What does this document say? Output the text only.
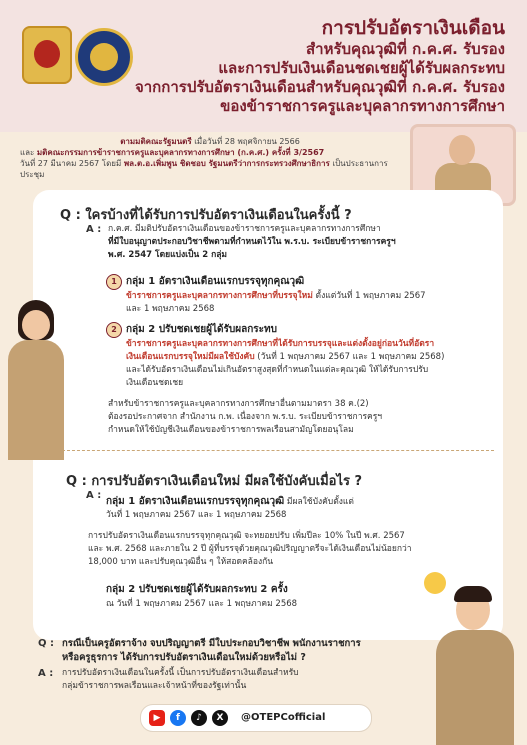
การปรับอัตราเงินเดือน
สำหรับคุณวุฒิที่ ก.ค.ศ. รับรอง
และการปรับเงินเดือนชดเชยผู้ได้รับผลกระทบ
จากการปรับอัตราเงินเดือนสำหรับคุณวุฒิที่ ก.ค.ศ. รับรอง
ของข้าราชการครูและบุคลากรทางการศึกษา
ตามมติคณะรัฐมนตรี เมื่อวันที่ 28 พฤศจิกายน 2566
และ มติคณะกรรมการข้าราชการครูและบุคลากรทางการศึกษา (ก.ค.ศ.) ครั้งที่ 3/2567
วันที่ 27 มีนาคม 2567 โดยมี พล.ต.อ.เพิ่มพูน ชิดชอบ รัฐมนตรีว่าการกระทรวงศึกษาธิการ เป็นประธานการประชุม
Q : ใครบ้างที่ได้รับการปรับอัตราเงินเดือนในครั้งนี้ ?
A : ก.ค.ศ. มีมติปรับอัตราเงินเดือนของข้าราชการครูและบุคลากรทางการศึกษา
ที่มีใบอนุญาตประกอบวิชาชีพตามที่กำหนดไว้ใน พ.ร.บ. ระเบียบข้าราชการครูฯ
พ.ศ. 2547 โดยแบ่งเป็น 2 กลุ่ม
1 กลุ่ม 1 อัตราเงินเดือนแรกบรรจุทุกคุณวุฒิ
ข้าราชการครูและบุคลากรทางการศึกษาที่บรรจุใหม่ ตั้งแต่วันที่ 1 พฤษภาคม 2567
และ 1 พฤษภาคม 2568
2 กลุ่ม 2 ปรับชดเชยผู้ได้รับผลกระทบ
ข้าราชการครูและบุคลากรทางการศึกษาที่ได้รับการบรรจุและแต่งตั้งอยู่ก่อนวันที่อัตรา
เงินเดือนแรกบรรจุใหม่มีผลใช้บังคับ (วันที่ 1 พฤษภาคม 2567 และ 1 พฤษภาคม 2568)
และได้รับอัตราเงินเดือนไม่เกินอัตราสูงสุดที่กำหนดในแต่ละคุณวุฒิ ให้ได้รับการปรับ
เงินเดือนชดเชย
สำหรับข้าราชการครูและบุคลากรทางการศึกษาอื่นตามมาตรา 38 ค.(2)
ต้องรอประกาศจาก สำนักงาน ก.พ. เนื่องจาก พ.ร.บ. ระเบียบข้าราชการครูฯ
กำหนดให้ใช้บัญชีเงินเดือนของข้าราชการพลเรือนสามัญโดยอนุโลม
Q : การปรับอัตราเงินเดือนใหม่ มีผลใช้บังคับเมื่อไร ?
A :
กลุ่ม 1 อัตราเงินเดือนแรกบรรจุทุกคุณวุฒิ มีผลใช้บังคับตั้งแต่
วันที่ 1 พฤษภาคม 2567 และ 1 พฤษภาคม 2568
การปรับอัตราเงินเดือนแรกบรรจุทุกคุณวุฒิ จะทยอยปรับ เพิ่มปีละ 10% ในปี พ.ศ. 2567
และ พ.ศ. 2568 และภายใน 2 ปี ผู้ที่บรรจุด้วยคุณวุฒิปริญญาตรีจะได้เงินเดือนไม่น้อยกว่า
18,000 บาท และปรับคุณวุฒิอื่น ๆ ให้สอดคล้องกัน
กลุ่ม 2 ปรับชดเชยผู้ได้รับผลกระทบ 2 ครั้ง
ณ วันที่ 1 พฤษภาคม 2567 และ 1 พฤษภาคม 2568
Q : กรณีเป็นครูอัตราจ้าง จบปริญญาตรี มีใบประกอบวิชาชีพ พนักงานราชการ
หรือครูธุรการ ได้รับการปรับอัตราเงินเดือนใหม่ด้วยหรือไม่ ?
A : การปรับอัตราเงินเดือนในครั้งนี้ เป็นการปรับอัตราเงินเดือนสำหรับ
กลุ่มข้าราชการพลเรือนและเจ้าหน้าที่ของรัฐเท่านั้น
▶	f	♪	X	@OTEPCofficial
